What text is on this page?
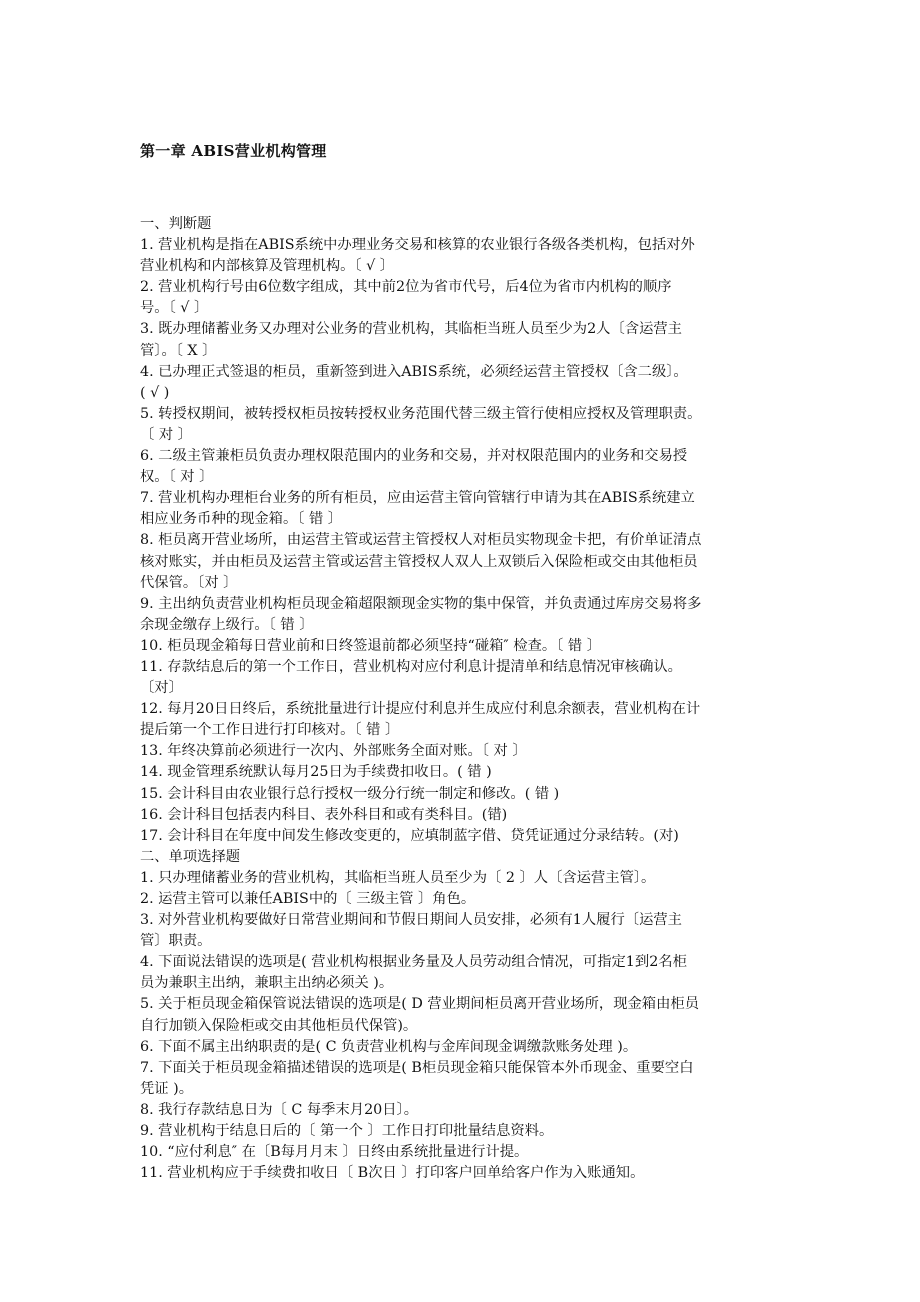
第一章 ABIS营业机构管理
一、判断题
1. 营业机构是指在ABIS系统中办理业务交易和核算的农业银行各级各类机构，包括对外
营业机构和内部核算及管理机构。〔 √ 〕
2. 营业机构行号由6位数字组成，其中前2位为省市代号，后4位为省市内机构的顺序
号。〔 √ 〕
3. 既办理储蓄业务又办理对公业务的营业机构，其临柜当班人员至少为2人〔含运营主
管〕。〔 X 〕
4. 已办理正式签退的柜员，重新签到进入ABIS系统，必须经运营主管授权〔含二级〕。
( √ )
5. 转授权期间，被转授权柜员按转授权业务范围代替三级主管行使相应授权及管理职责。
〔 对 〕
6. 二级主管兼柜员负责办理权限范围内的业务和交易，并对权限范围内的业务和交易授
权。〔 对 〕
7. 营业机构办理柜台业务的所有柜员，应由运营主管向管辖行申请为其在ABIS系统建立
相应业务币种的现金箱。〔 错 〕
8. 柜员离开营业场所，由运营主管或运营主管授权人对柜员实物现金卡把，有价单证清点
核对账实，并由柜员及运营主管或运营主管授权人双人上双锁后入保险柜或交由其他柜员
代保管。〔对 〕
9. 主出纳负责营业机构柜员现金箱超限额现金实物的集中保管，并负责通过库房交易将多
余现金缴存上级行。〔 错 〕
10. 柜员现金箱每日营业前和日终签退前都必须坚持“碰箱″ 检查。〔 错 〕
11. 存款结息后的第一个工作日，营业机构对应付利息计提清单和结息情况审核确认。
〔对〕
12. 每月20日日终后，系统批量进行计提应付利息并生成应付利息余额表，营业机构在计
提后第一个工作日进行打印核对。〔 错 〕
13. 年终决算前必须进行一次内、外部账务全面对账。〔 对 〕
14. 现金管理系统默认每月25日为手续费扣收日。( 错 )
15. 会计科目由农业银行总行授权一级分行统一制定和修改。( 错 )
16. 会计科目包括表内科目、表外科目和或有类科目。(错)
17. 会计科目在年度中间发生修改变更的，应填制蓝字借、贷凭证通过分录结转。(对)
二、单项选择题
1. 只办理储蓄业务的营业机构，其临柜当班人员至少为〔 2 〕人〔含运营主管〕。
2. 运营主管可以兼任ABIS中的〔 三级主管 〕角色。
3. 对外营业机构要做好日常营业期间和节假日期间人员安排，必须有1人履行〔运营主
管〕职责。
4. 下面说法错误的选项是( 营业机构根据业务量及人员劳动组合情况，可指定1到2名柜
员为兼职主出纳，兼职主出纳必须关 )。
5. 关于柜员现金箱保管说法错误的选项是( D 营业期间柜员离开营业场所，现金箱由柜员
自行加锁入保险柜或交由其他柜员代保管)。
6. 下面不属主出纳职责的是( C 负责营业机构与金库间现金调缴款账务处理 )。
7. 下面关于柜员现金箱描述错误的选项是( B柜员现金箱只能保管本外币现金、重要空白
凭证 )。
8. 我行存款结息日为〔 C 每季末月20日〕。
9. 营业机构于结息日后的〔 第一个 〕工作日打印批量结息资料。
10. “应付利息″ 在〔B每月月末 〕日终由系统批量进行计提。
11. 营业机构应于手续费扣收日〔 B次日 〕打印客户回单给客户作为入账通知。
